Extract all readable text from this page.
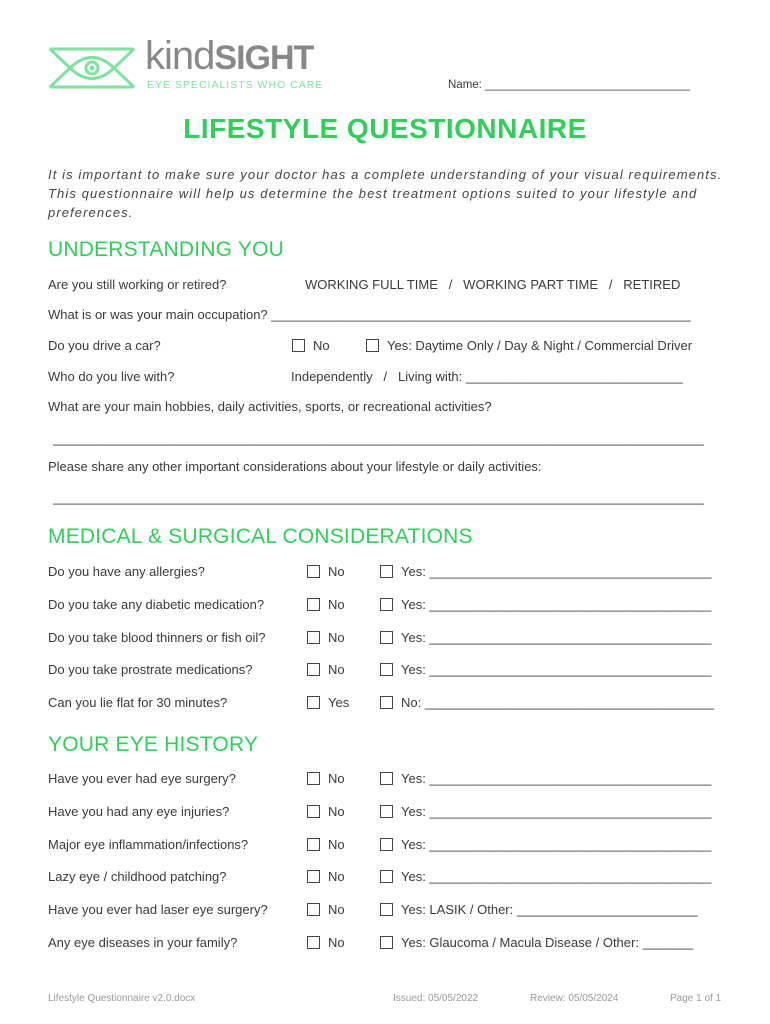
kindSIGHT
EYE SPECIALISTS WHO CARE	Name: ________________________________
LIFESTYLE QUESTIONNAIRE
It is important to make sure your doctor has a complete understanding of your visual requirements. This questionnaire will help us determine the best treatment options suited to your lifestyle and preferences.
UNDERSTANDING YOU
Are you still working or retired?	WORKING FULL TIME   /   WORKING PART TIME   /   RETIRED
What is or was your main occupation? __________________________________________________________
Do you drive a car?	No	Yes: Daytime Only / Day & Night / Commercial Driver
Who do you live with?	Independently   /   Living with: ______________________________
What are your main hobbies, daily activities, sports, or recreational activities?
__________________________________________________________________________________________
Please share any other important considerations about your lifestyle or daily activities:
__________________________________________________________________________________________
MEDICAL & SURGICAL CONSIDERATIONS
Do you have any allergies?	No	Yes: _______________________________________
Do you take any diabetic medication?	No	Yes: _______________________________________
Do you take blood thinners or fish oil?	No	Yes: _______________________________________
Do you take prostrate medications?	No	Yes: _______________________________________
Can you lie flat for 30 minutes?	Yes	No: ________________________________________
YOUR EYE HISTORY
Have you ever had eye surgery?	No	Yes: _______________________________________
Have you had any eye injuries?	No	Yes: _______________________________________
Major eye inflammation/infections?	No	Yes: _______________________________________
Lazy eye / childhood patching?	No	Yes: _______________________________________
Have you ever had laser eye surgery?	No	Yes: LASIK / Other: _________________________
Any eye diseases in your family?	No	Yes: Glaucoma / Macula Disease / Other: _______
Lifestyle Questionnaire v2.0.docx	Issued: 05/05/2022	Review: 05/05/2024	Page 1 of 1
